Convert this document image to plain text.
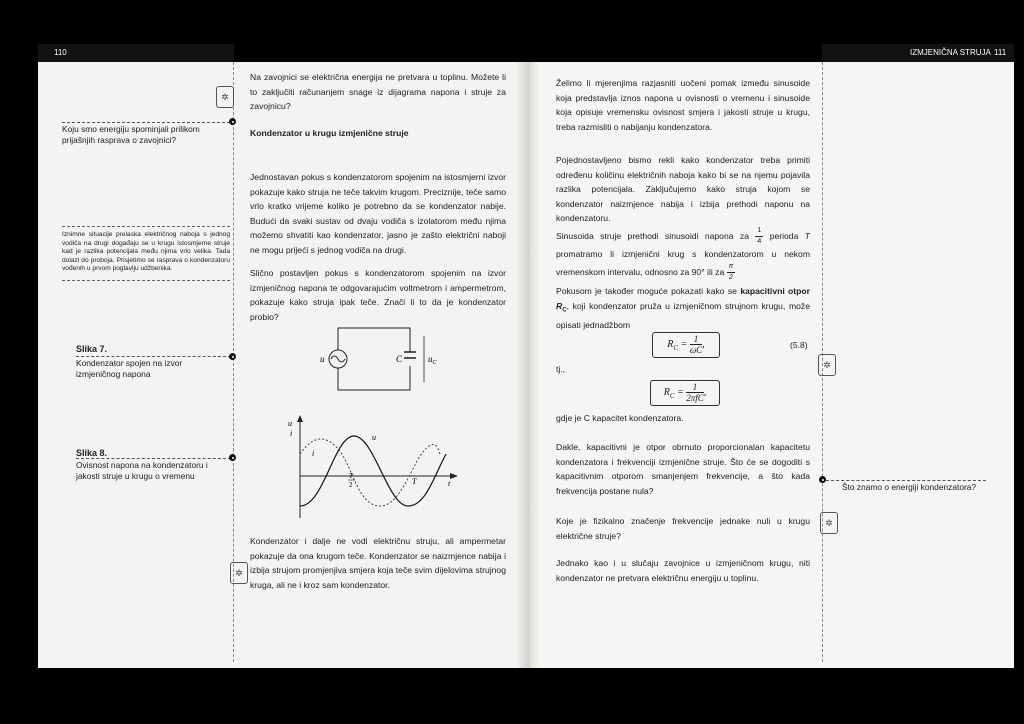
110	IZMJENIČNA STRUJA 111
✲
Koju smo energiju spominjali prilikom prijašnjih rasprava o zavojnici?
Iznimne situacije prelaska električnog naboja s jednog vodiča na drugi događaju se u krugu istosmjerne struje kad je razlika potencijala među njima vrlo velika. Tada dolazi do proboja. Prisjetimo se rasprava o kondenzatoru vođenih u prvom poglavlju udžbenika.
Slika 7.
Kondenzator spojen na izvor izmjeničnog napona
Slika 8.
Ovisnost napona na kondenzatoru i jakosti struje u krugu o vremenu
Na zavojnici se električna energija ne pretvara u toplinu. Možete li to zaključiti računanjem snage iz dijagrama napona i struje za zavojnicu?
Kondenzator u krugu izmjenične struje
Jednostavan pokus s kondenzatorom spojenim na istosmjerni izvor pokazuje kako struja ne teče takvim krugom. Preciznije, teče samo vrlo kratko vrijeme koliko je potrebno da se kondenzator nabije. Budući da svaki sustav od dvaju vodiča s izolatorom među njima možemo shvatiti kao kondenzator, jasno je zašto električni naboji ne mogu prijeći s jednog vodiča na drugi.
Slično postavljen pokus s kondenzatorom spojenim na izvor izmjeničnog napona te odgovarajućim voltmetrom i ampermetrom, pokazuje kako struja ipak teče. Znači li to da je kondenzator probio?
u	C	$u_C$
u
i
i
u
T
2	T	t
Kondenzator i dalje ne vodi električnu struju, ali ampermetar pokazuje da ona krugom teče. Kondenzator se naizmjence nabija i izbija strujom promjenjiva smjera koja teče svim dijelovima strujnog kruga, ali ne i kroz sam kondenzator.
✲
Želimo li mjerenjima razjasniti uočeni pomak između sinusoide koja predstavlja iznos napona u ovisnosti o vremenu i sinusoide koja opisuje vremensku ovisnost smjera i jakosti struje u krugu, treba razmisliti o nabijanju kondenzatora.
Pojednostavljeno bismo rekli kako kondenzator treba primiti određenu količinu električnih naboja kako bi se na njemu pojavila razlika potencijala. Zaključujemo kako struja kojom se kondenzator naizmjence nabija i izbija prethodi naponu na kondenzatoru.
Sinusoida struje prethodi sinusoidi napona za $\frac{1}{4}$ perioda T promatramo li izmjenični krug s kondenzatorom u nekom vremenskom intervalu, odnosno za 90° ili za $\frac{\pi}{2}$
Pokusom je također moguće pokazati kako se kapacitivni otpor $R_C$, koji kondenzator pruža u izmjeničnom strujnom krugu, može opisati jednadžbom
$R_C = \frac{1}{\omega C}$ ,	(5.8)
✲
tj.,
$R_C = \frac{1}{\text{2πfC}}$ ,
gdje je C kapacitet kondenzatora.
Dakle, kapacitivni je otpor obrnuto proporcionalan kapacitetu kondenzatora i frekvenciji izmjenične struje. Što će se dogoditi s kapacitivnim otporom smanjenjem frekvencije, a što kada frekvencija postane nula?	Što znamo o energiji kondenzatora?
Koje je fizikalno značenje frekvencije jednake nuli u krugu električne struje?
✲
Jednako kao i u slučaju zavojnice u izmjeničnom krugu, niti kondenzator ne pretvara električnu energiju u toplinu.
